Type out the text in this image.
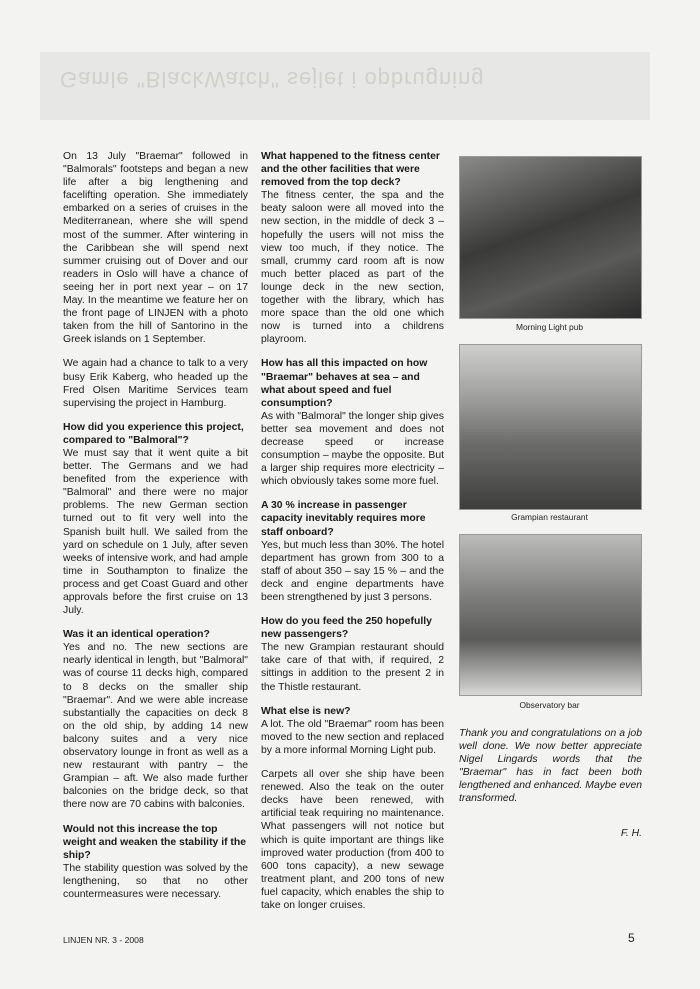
Gamle "BlackWatch" sejlet i opbrugning

On 13 July "Braemar" followed in "Balmorals" footsteps and began a new life after a big lengthening and facelifting operation. She immediately embarked on a series of cruises in the Mediterranean, where she will spend most of the summer. After wintering in the Caribbean she will spend next summer cruising out of Dover and our readers in Oslo will have a chance of seeing her in port next year – on 17 May. In the meantime we feature her on the front page of LINJEN with a photo taken from the hill of Santorino in the Greek islands on 1 September.

We again had a chance to talk to a very busy Erik Kaberg, who headed up the Fred Olsen Maritime Services team supervising the project in Hamburg.

How did you experience this project, compared to "Balmoral"?

We must say that it went quite a bit better. The Germans and we had benefited from the experience with "Balmoral" and there were no major problems. The new German section turned out to fit very well into the Spanish built hull. We sailed from the yard on schedule on 1 July, after seven weeks of intensive work, and had ample time in Southampton to finalize the process and get Coast Guard and other approvals before the first cruise on 13 July.

Was it an identical operation?

Yes and no. The new sections are nearly identical in length, but "Balmoral" was of course 11 decks high, compared to 8 decks on the smaller ship "Braemar". And we were able increase substantially the capacities on deck 8 on the old ship, by adding 14 new balcony suites and a very nice observatory lounge in front as well as a new restaurant with pantry – the Grampian – aft. We also made further balconies on the bridge deck, so that there now are 70 cabins with balconies.

Would not this increase the top weight and weaken the stability if the ship?

The stability question was solved by the lengthening, so that no other countermeasures were necessary.

What happened to the fitness center and the other facilities that were removed from the top deck?

The fitness center, the spa and the beaty saloon were all moved into the new section, in the middle of deck 3 – hopefully the users will not miss the view too much, if they notice. The small, crummy card room aft is now much better placed as part of the lounge deck in the new section, together with the library, which has more space than the old one which now is turned into a childrens playroom.

How has all this impacted on how "Braemar" behaves at sea – and what about speed and fuel consumption?

As with "Balmoral" the longer ship gives better sea movement and does not decrease speed or increase consumption – maybe the opposite. But a larger ship requires more electricity – which obviously takes some more fuel.

A 30 % increase in passenger capacity inevitably requires more staff onboard?

Yes, but much less than 30%. The hotel department has grown from 300 to a staff of about 350 – say 15 % – and the deck and engine departments have been strengthened by just 3 persons.

How do you feed the 250 hopefully new passengers?

The new Grampian restaurant should take care of that with, if required, 2 sittings in addition to the present 2 in the Thistle restaurant.

What else is new?

A lot. The old "Braemar" room has been moved to the new section and replaced by a more informal Morning Light pub.

Carpets all over she ship have been renewed. Also the teak on the outer decks have been renewed, with artificial teak requiring no maintenance. What passengers will not notice but which is quite important are things like improved water production (from 400 to 600 tons capacity), a new sewage treatment plant, and 200 tons of new fuel capacity, which enables the ship to take on longer cruises.

Morning Light pub
Grampian restaurant
Observatory bar
Thank you and congratulations on a job well done. We now better appreciate Nigel Lingards words that the "Braemar" has in fact been both lengthened and enhanced. Maybe even transformed.
F. H.
LINJEN NR. 3 - 2008	5
